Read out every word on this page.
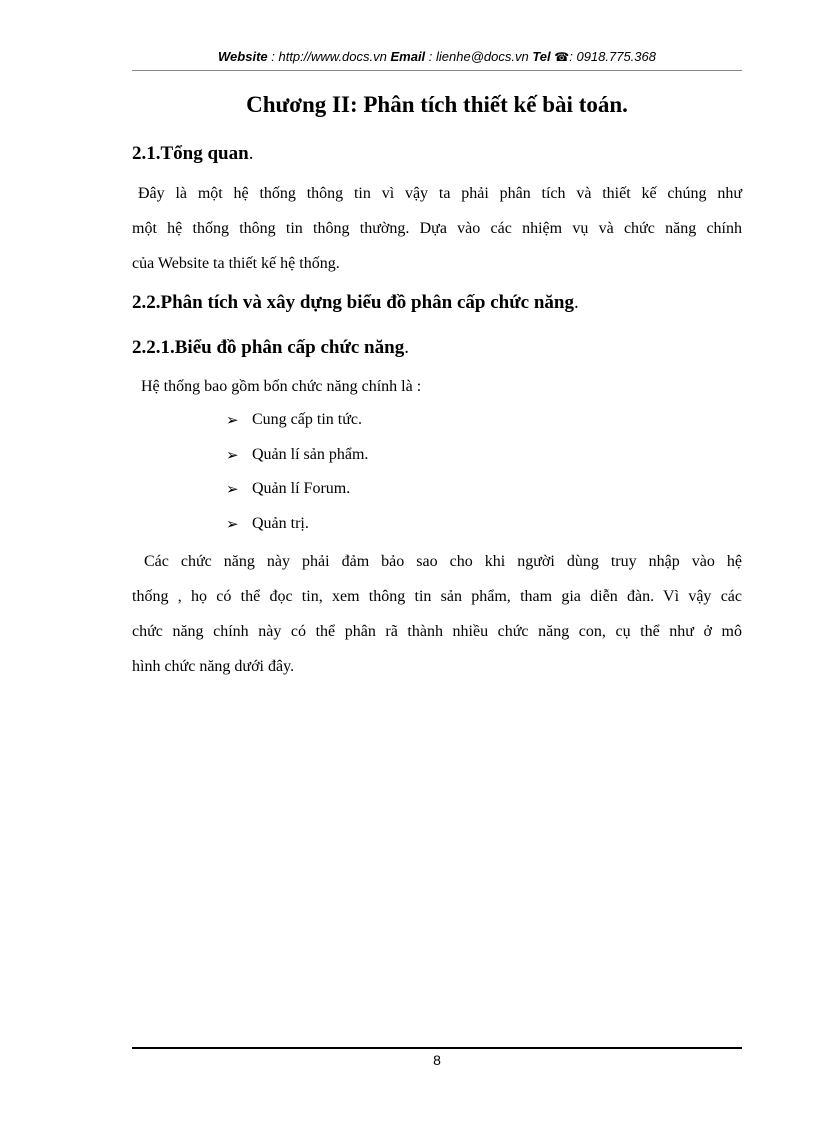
Website : http://www.docs.vn Email : lienhe@docs.vn Tel ☎: 0918.775.368
Chương II: Phân tích thiết kế bài toán.
2.1.Tổng quan.

Đây là một hệ thống thông tin vì vậy ta phải phân tích và thiết kế chúng như
một hệ thống thông tin thông thường. Dựa vào các nhiệm vụ và chức năng chính
của Website ta thiết kế hệ thống.

2.2.Phân tích và xây dựng biểu đồ phân cấp chức năng.
2.2.1.Biểu đồ phân cấp chức năng.

Hệ thống bao gồm bốn chức năng chính là :

➢ Cung cấp tin tức.
➢ Quản lí sản phẩm.
➢ Quản lí Forum.
➢ Quản trị.

Các chức năng này phải đảm bảo sao cho khi người dùng truy nhập vào hệ
thống , họ có thể đọc tin, xem thông tin sản phẩm, tham gia diễn đàn. Vì vậy các
chức năng chính này có thể phân rã thành nhiều chức năng con, cụ thể như ở mô
hình chức năng dưới đây.

8
